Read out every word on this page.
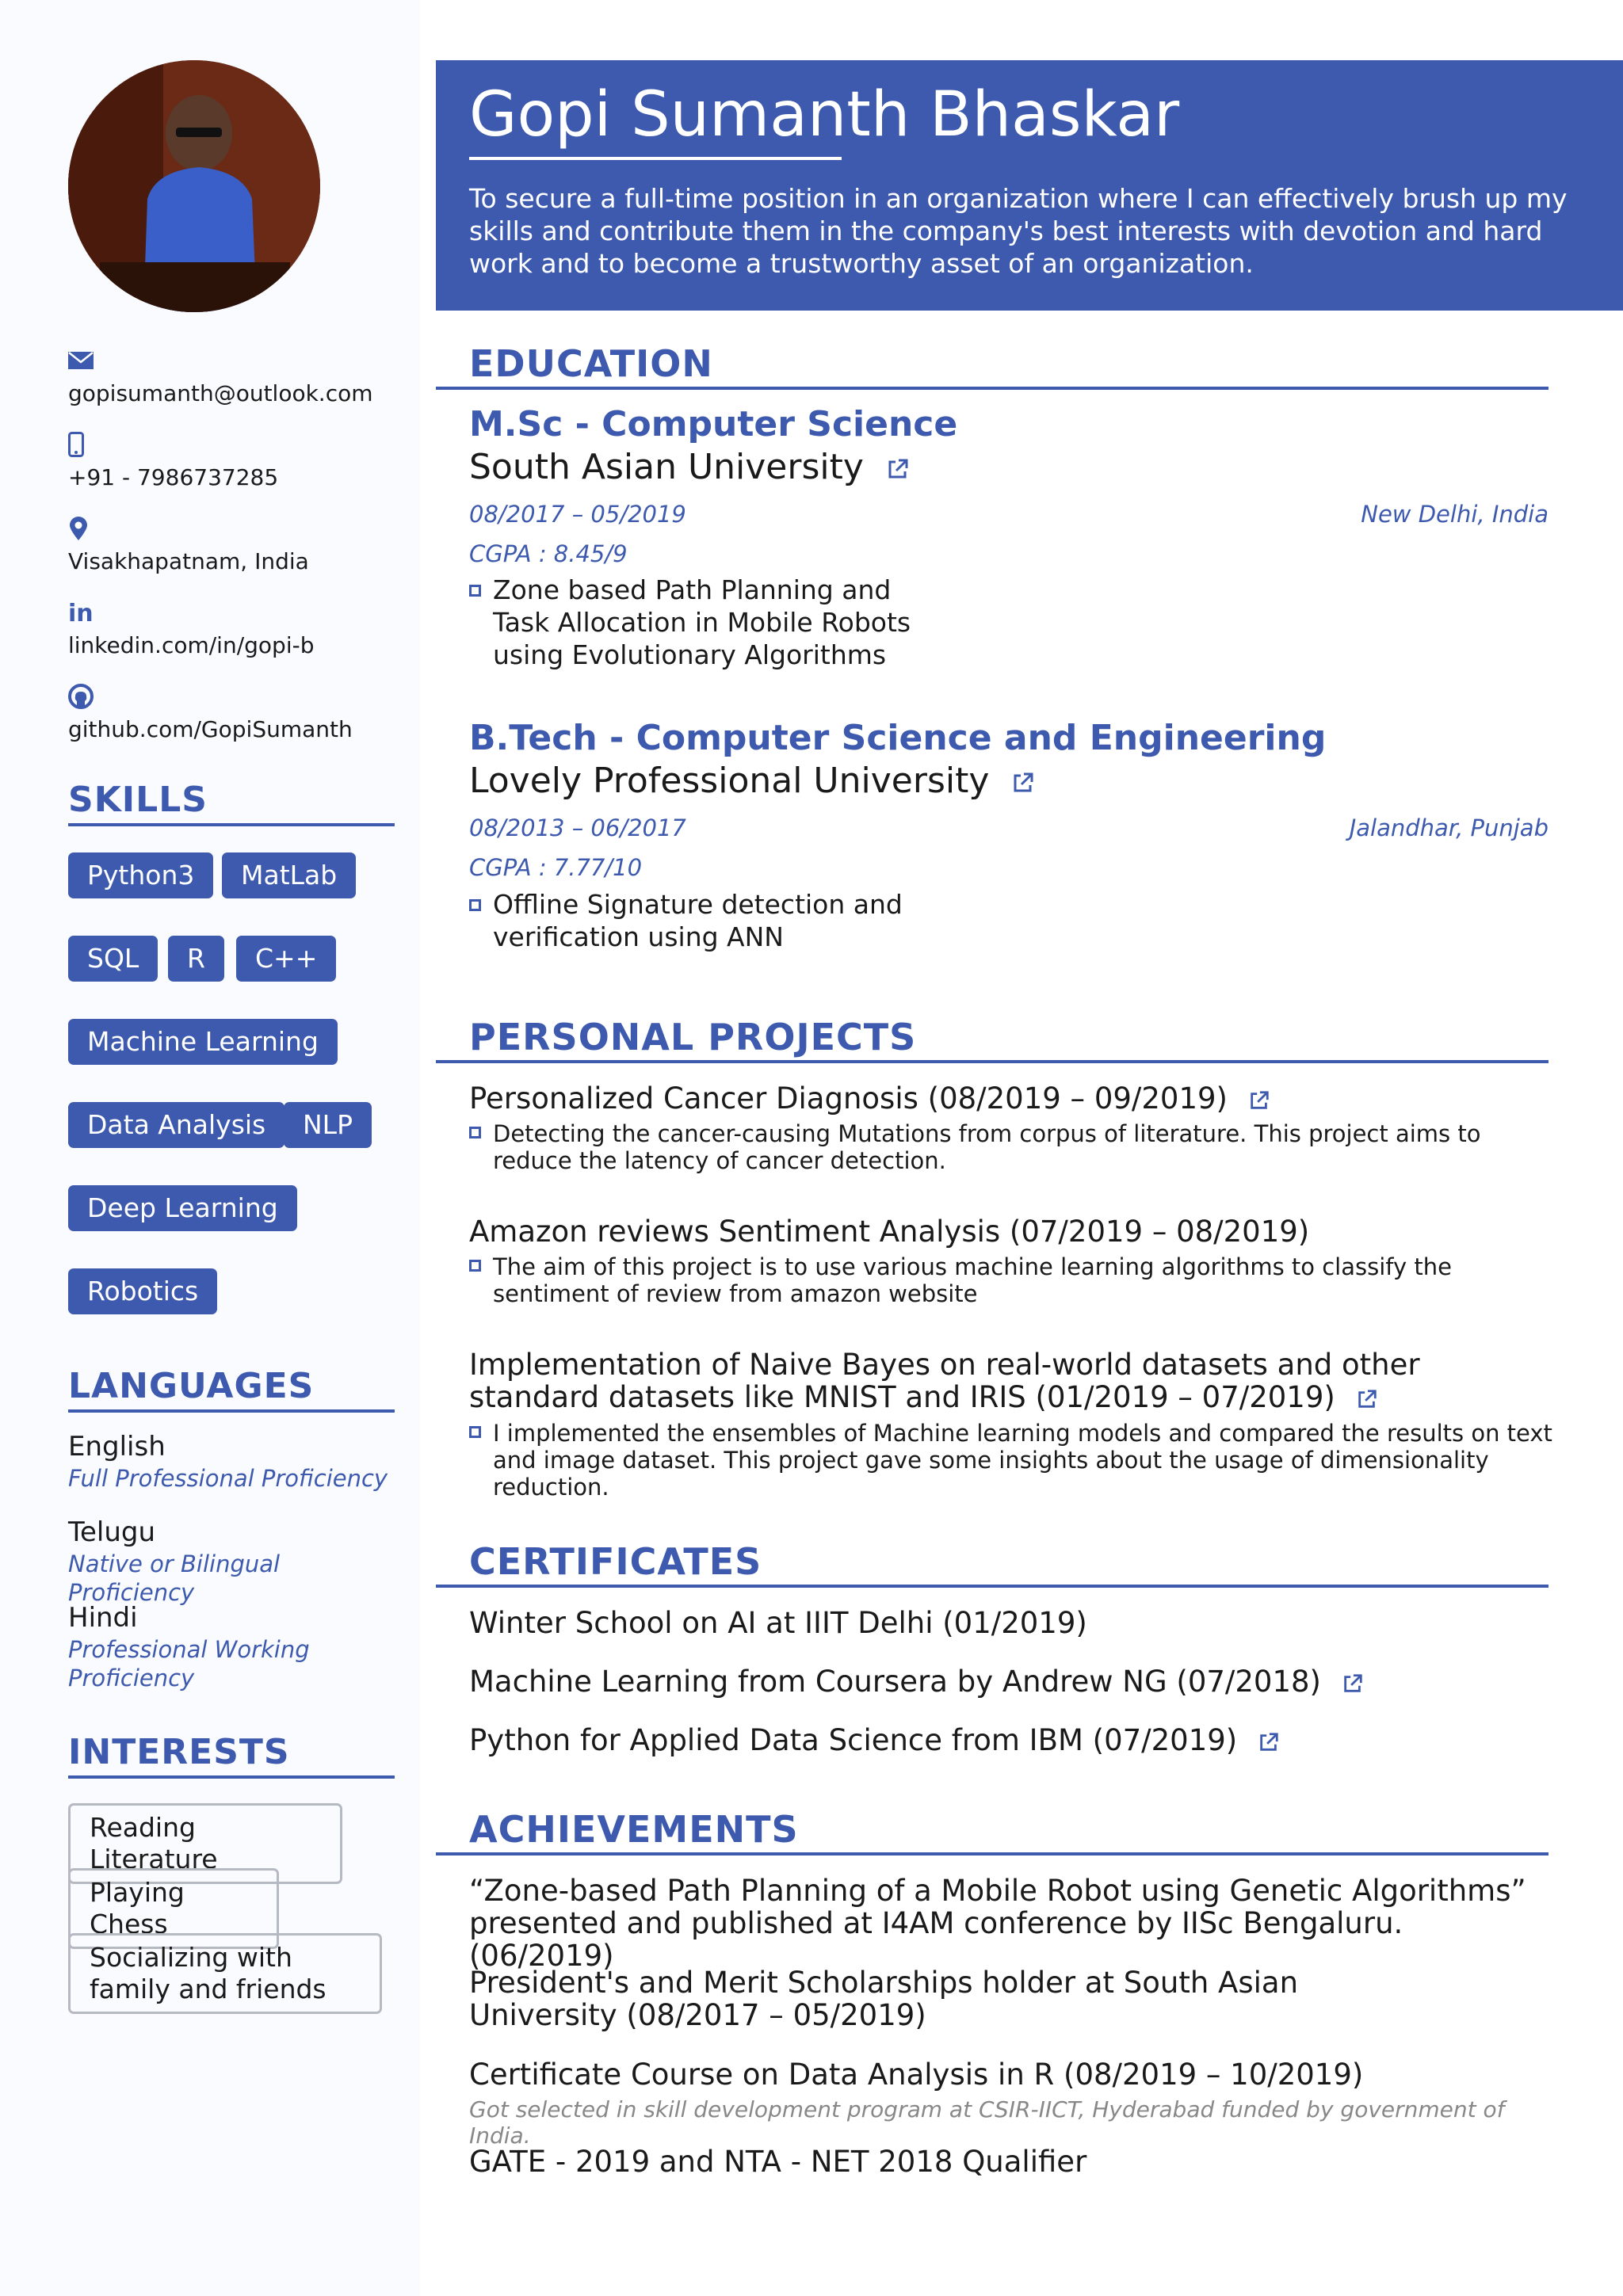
gopisumanth@outlook.com
+91 - 7986737285
Visakhapatnam, India
in
linkedin.com/in/gopi-b
github.com/GopiSumanth
SKILLS
Python3	MatLab
SQL	R	C++
Machine Learning
Data Analysis	NLP
Deep Learning
Robotics
LANGUAGES
English
Full Professional Proficiency
Telugu
Native or Bilingual Proficiency
Hindi
Professional Working Proficiency
INTERESTS
Reading Literature
Playing Chess
Socializing with family and friends
Gopi Sumanth Bhaskar
To secure a full-time position in an organization where I can effectively brush up my skills and contribute them in the company's best interests with devotion and hard work and to become a trustworthy asset of an organization.
EDUCATION
M.Sc - Computer Science
South Asian University
08/2017 – 05/2019	New Delhi, India
CGPA : 8.45/9
Zone based Path Planning and Task Allocation in Mobile Robots using Evolutionary Algorithms
B.Tech - Computer Science and Engineering
Lovely Professional University
08/2013 – 06/2017	Jalandhar, Punjab
CGPA : 7.77/10
Offline Signature detection and verification using ANN
PERSONAL PROJECTS
Personalized Cancer Diagnosis (08/2019 – 09/2019)
Detecting the cancer-causing Mutations from corpus of literature. This project aims to reduce the latency of cancer detection.
Amazon reviews Sentiment Analysis (07/2019 – 08/2019)
The aim of this project is to use various machine learning algorithms to classify the sentiment of review from amazon website
Implementation of Naive Bayes on real-world datasets and other standard datasets like MNIST and IRIS (01/2019 – 07/2019)
I implemented the ensembles of Machine learning models and compared the results on text and image dataset. This project gave some insights about the usage of dimensionality reduction.
CERTIFICATES
Winter School on AI at IIIT Delhi (01/2019)
Machine Learning from Coursera by Andrew NG (07/2018)
Python for Applied Data Science from IBM (07/2019)
ACHIEVEMENTS
“Zone-based Path Planning of a Mobile Robot using Genetic Algorithms” presented and published at I4AM conference by IISc Bengaluru. (06/2019)
President's and Merit Scholarships holder at South Asian University (08/2017 – 05/2019)
Certificate Course on Data Analysis in R (08/2019 – 10/2019)
Got selected in skill development program at CSIR-IICT, Hyderabad funded by government of India.
GATE - 2019 and NTA - NET 2018 Qualifier
